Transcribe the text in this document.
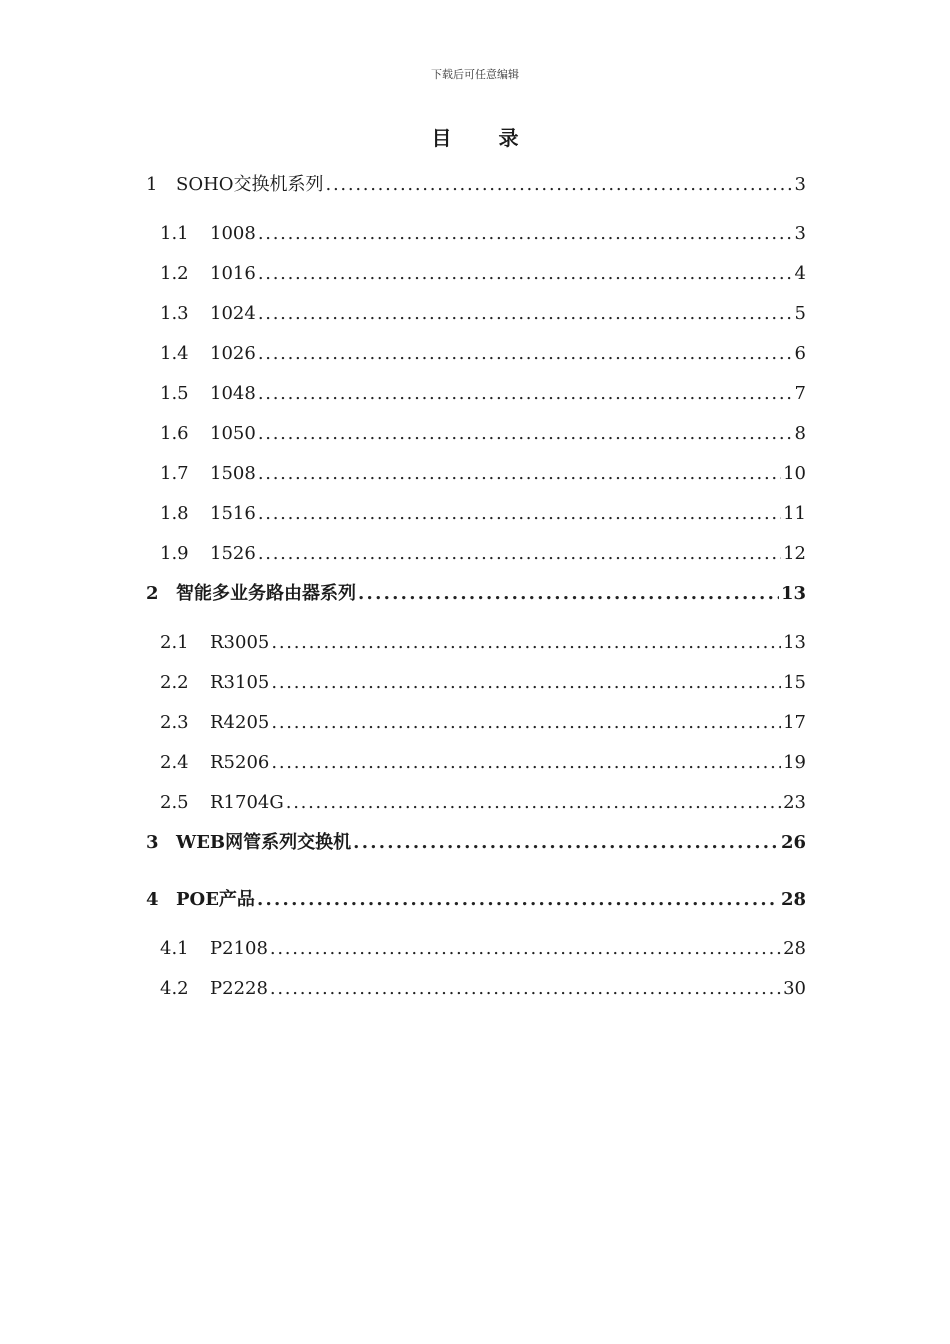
下载后可任意编辑
目 录
1	SOHO交换机系列 . . .	3
1.1	1008 . . .	3
1.2	1016 . . .	4
1.3	1024 . . .	5
1.4	1026 . . .	6
1.5	1048 . . .	7
1.6	1050 . . .	8
1.7	1508 . . .	10
1.8	1516 . . .	11
1.9	1526 . . .	12
2 智能多业务路由器系列 . . .	13
2.1	R3005 . . .	13
2.2	R3105 . . .	15
2.3	R4205 . . .	17
2.4	R5206 . . .	19
2.5	R1704G . . .	23
3 WEB网管系列交换机 . . .	26
4 POE产品 . . .	28
4.1	P2108 . . .	28
4.2	P2228 . . .	30
